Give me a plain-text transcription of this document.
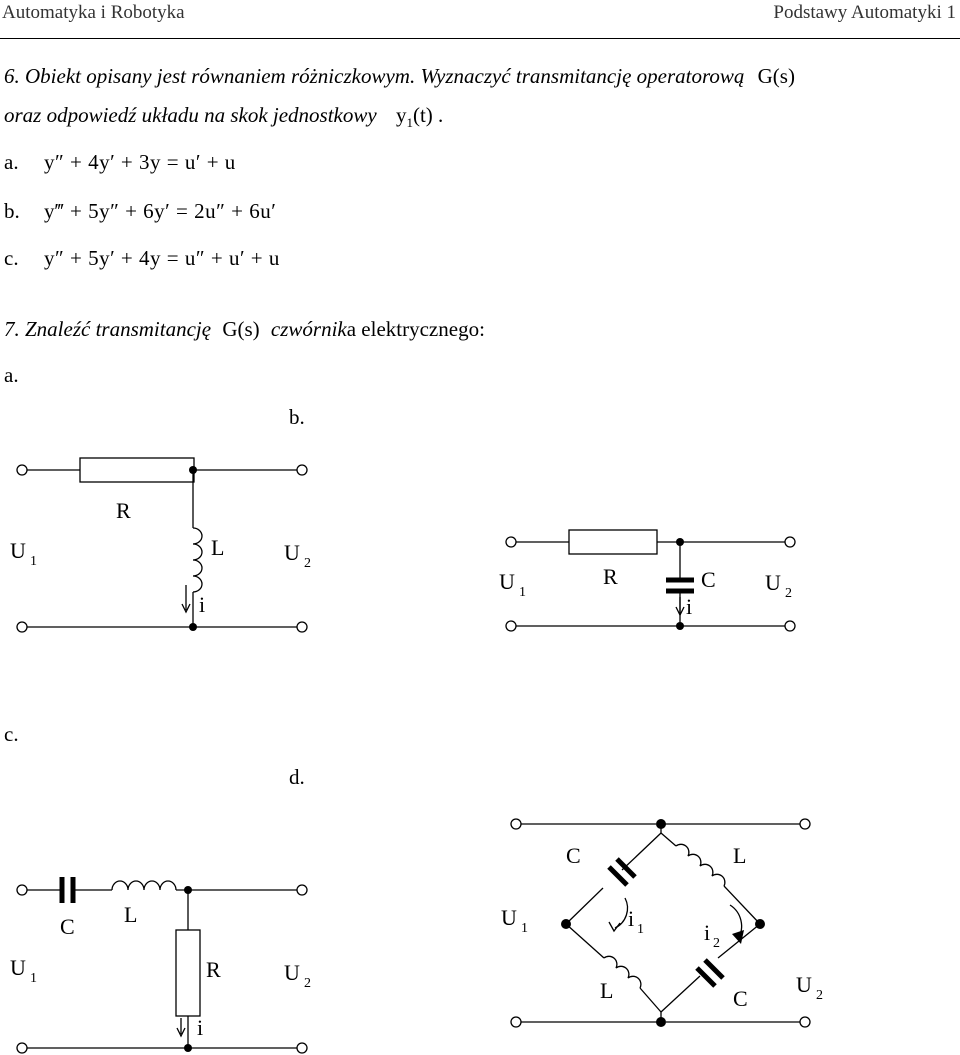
Automatyka i Robotyka	Podstawy Automatyki 1
6. Obiekt opisany jest równaniem różniczkowym. Wyznaczyć transmitancję operatorową G(s)
oraz odpowiedź układu na skok jednostkowy $y_1(t)$ .
a. y″ + 4y′ + 3y = u′ + u
b. y‴ + 5y″ + 6y′ = 2u″ + 6u′
c. y″ + 5y′ + 4y = u″ + u′ + u
7. Znaleźć transmitancję G(s) czwórnika elektrycznego:
a.
b.
c.
d.
R
L
i
U 1	U 2
R	C
i
U 1	U 2
C L
R
i
U 1	U 2
C	L
L	C
i 1	i 2
U 1
U 2
